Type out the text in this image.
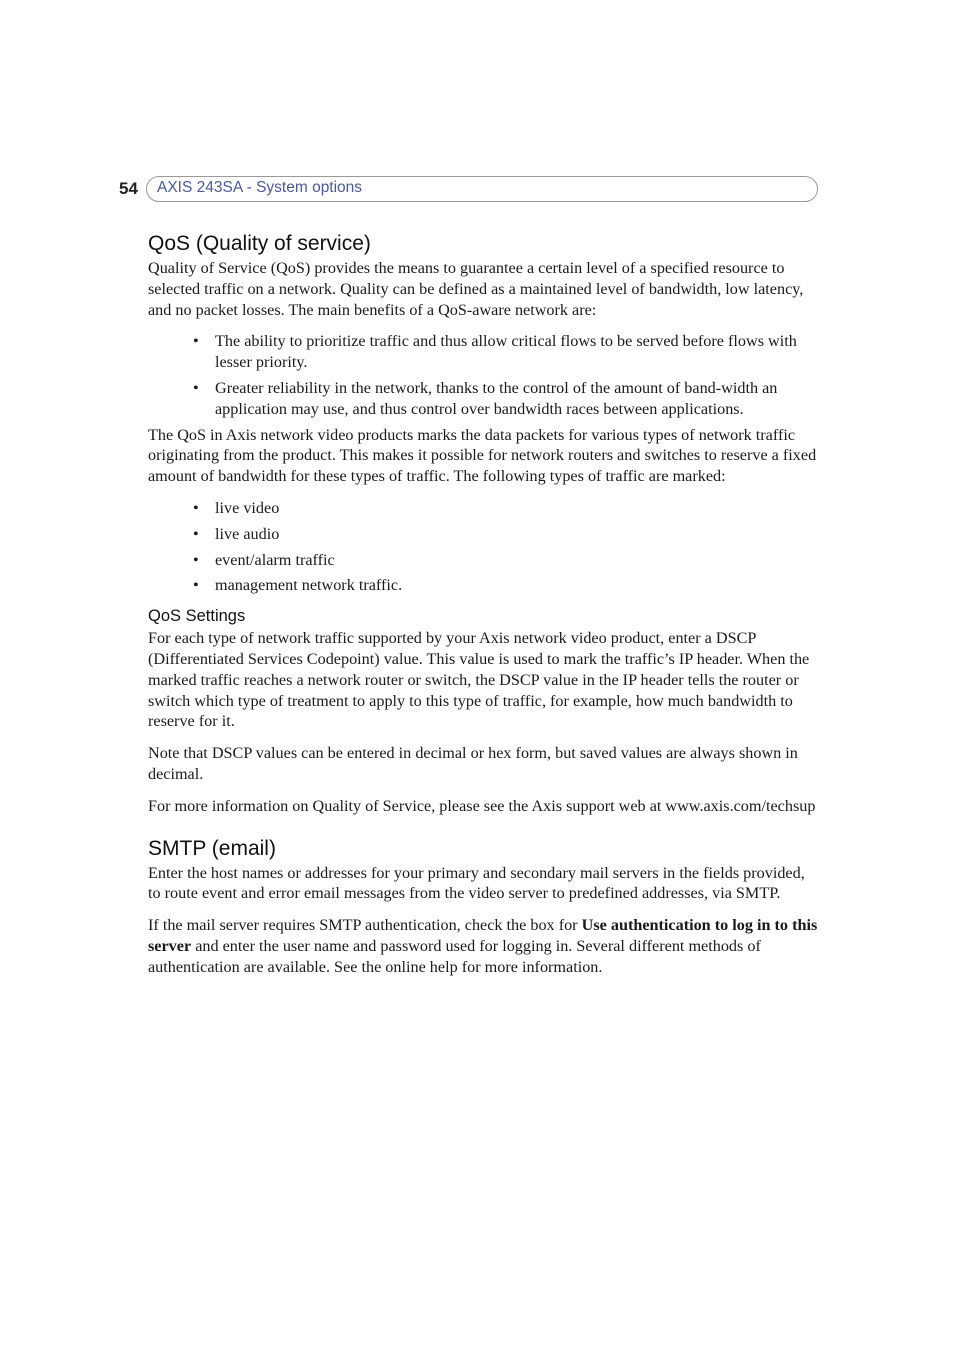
54 AXIS 243SA - System options
QoS (Quality of service)

Quality of Service (QoS) provides the means to guarantee a certain level of a specified resource to selected traffic on a network. Quality can be defined as a maintained level of bandwidth, low latency, and no packet losses. The main benefits of a QoS-aware network are:

• The ability to prioritize traffic and thus allow critical flows to be served before flows with lesser priority.
• Greater reliability in the network, thanks to the control of the amount of band-width an application may use, and thus control over bandwidth races between applications.

The QoS in Axis network video products marks the data packets for various types of network traffic originating from the product. This makes it possible for network routers and switches to reserve a fixed amount of bandwidth for these types of traffic. The following types of traffic are marked:

• live video
• live audio
• event/alarm traffic
• management network traffic.
QoS Settings

For each type of network traffic supported by your Axis network video product, enter a DSCP (Differentiated Services Codepoint) value. This value is used to mark the traffic’s IP header. When the marked traffic reaches a network router or switch, the DSCP value in the IP header tells the router or switch which type of treatment to apply to this type of traffic, for example, how much bandwidth to reserve for it.

Note that DSCP values can be entered in decimal or hex form, but saved values are always shown in decimal.

For more information on Quality of Service, please see the Axis support web at www.axis.com/techsup

SMTP (email)

Enter the host names or addresses for your primary and secondary mail servers in the fields provided, to route event and error email messages from the video server to predefined addresses, via SMTP.

If the mail server requires SMTP authentication, check the box for Use authentication to log in to this server and enter the user name and password used for logging in. Several different methods of authentication are available. See the online help for more information.
